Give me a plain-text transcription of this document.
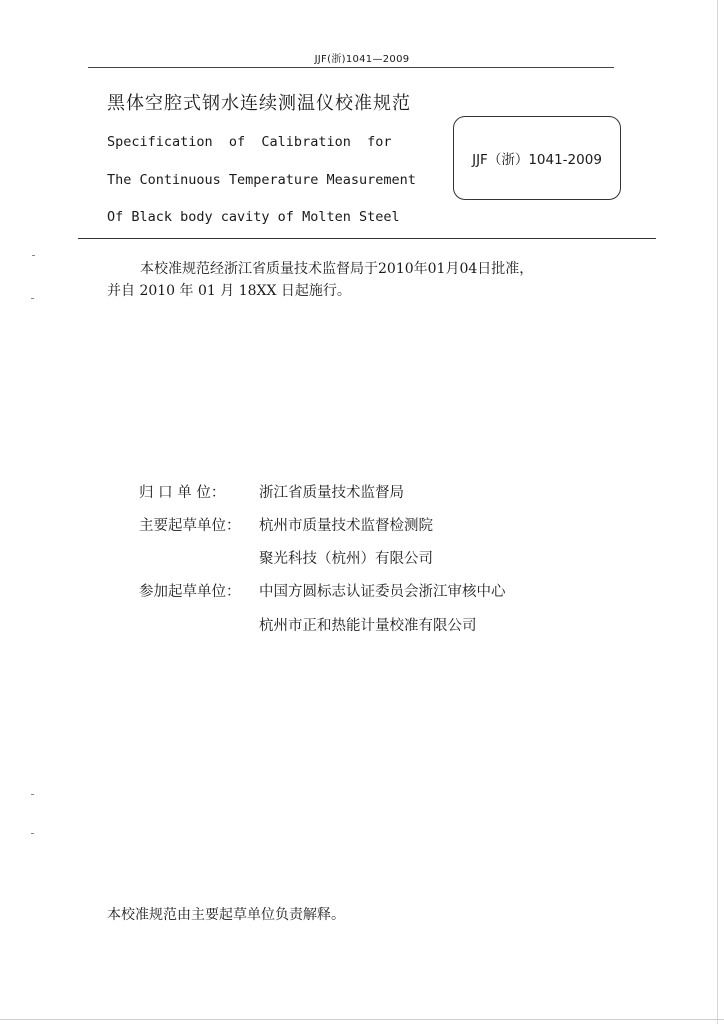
JJF(浙)1041—2009
黑体空腔式钢水连续测温仪校准规范
Specification  of  Calibration  for
The Continuous Temperature Measurement
Of Black body cavity of Molten Steel
JJF（浙）1041-2009
本校准规范经浙江省质量技术监督局于2010年01月04日批准，
并自 2010 年 01 月 18XX 日起施行。
归 口 单 位： 浙江省质量技术监督局
主要起草单位： 杭州市质量技术监督检测院
聚光科技（杭州）有限公司
参加起草单位： 中国方圆标志认证委员会浙江审核中心
杭州市正和热能计量校准有限公司
本校准规范由主要起草单位负责解释。
